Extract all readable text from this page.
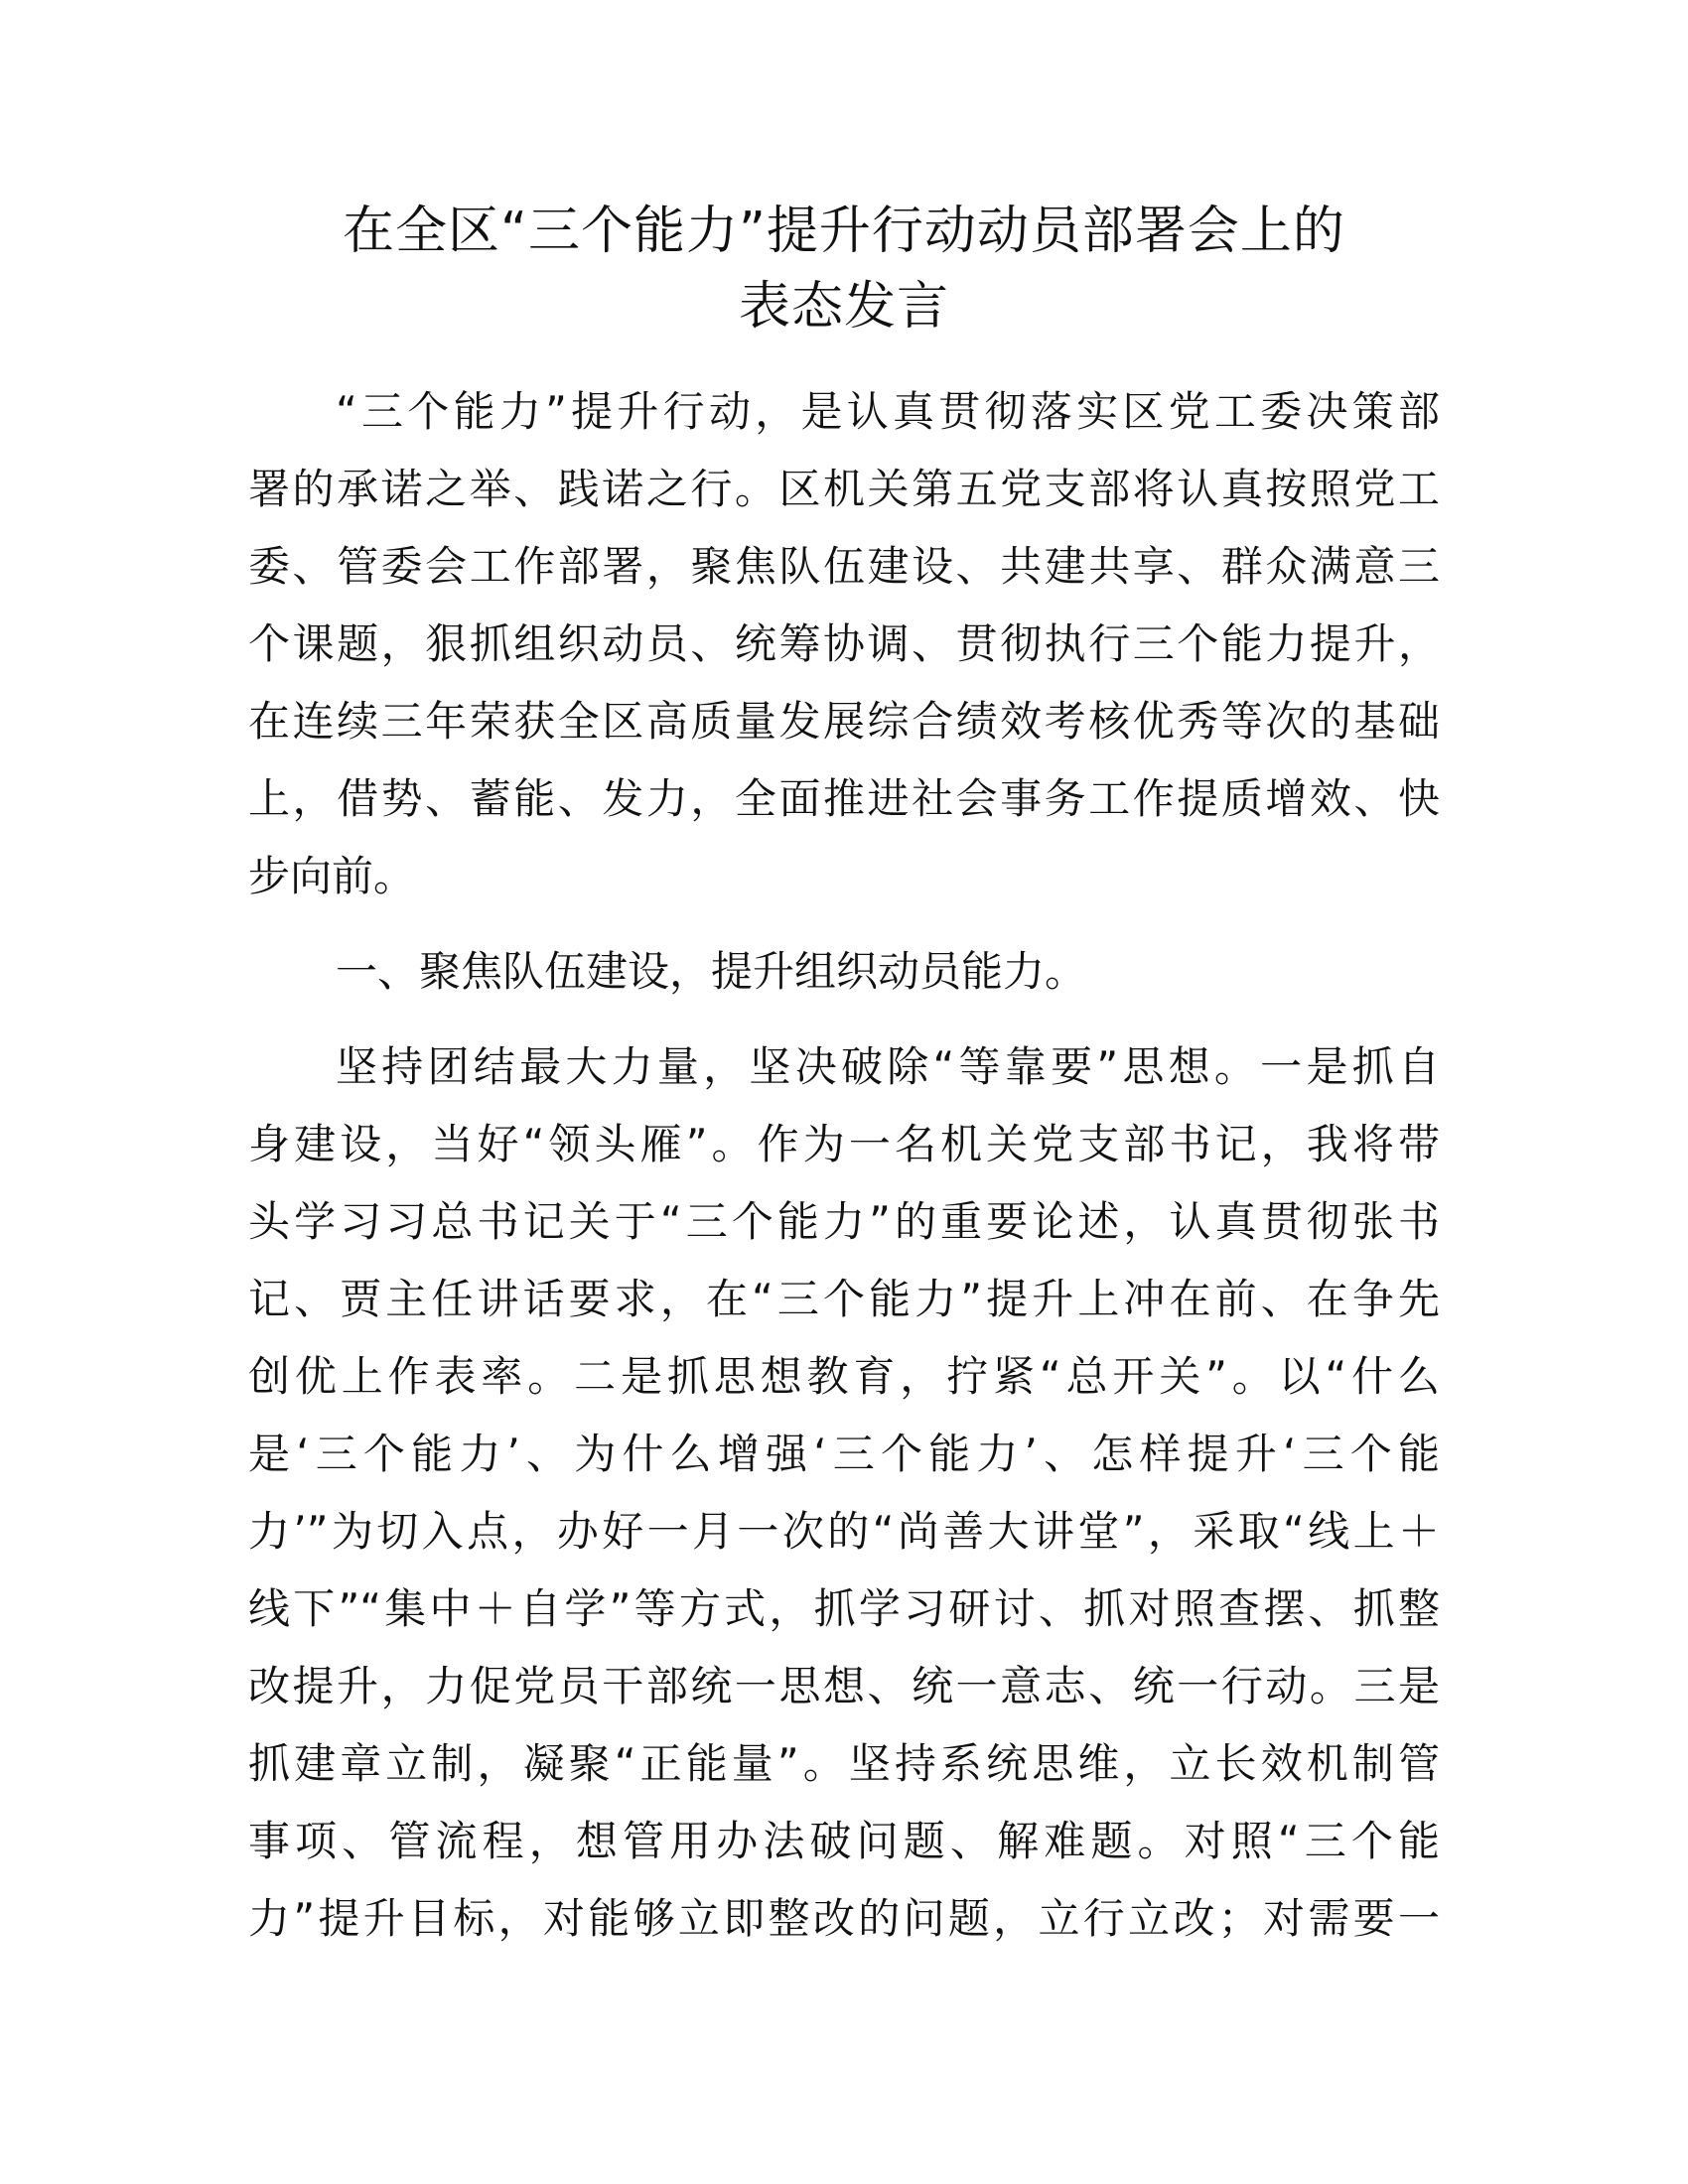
在全区“三个能力”提升行动动员部署会上的
表态发言

“三个能力”提升行动，是认真贯彻落实区党工委决策部
署的承诺之举、践诺之行。区机关第五党支部将认真按照党工
委、管委会工作部署，聚焦队伍建设、共建共享、群众满意三
个课题，狠抓组织动员、统筹协调、贯彻执行三个能力提升，
在连续三年荣获全区高质量发展综合绩效考核优秀等次的基础
上，借势、蓄能、发力，全面推进社会事务工作提质增效、快
步向前。

一、聚焦队伍建设，提升组织动员能力。

坚持团结最大力量，坚决破除“等靠要”思想。一是抓自
身建设，当好“领头雁”。作为一名机关党支部书记，我将带
头学习习总书记关于“三个能力”的重要论述，认真贯彻张书
记、贾主任讲话要求，在“三个能力”提升上冲在前、在争先
创优上作表率。二是抓思想教育，拧紧“总开关”。以“什么
是‘三个能力’、为什么增强‘三个能力’、怎样提升‘三个能
力’”为切入点，办好一月一次的“尚善大讲堂”，采取“线上＋
线下”“集中＋自学”等方式，抓学习研讨、抓对照查摆、抓整
改提升，力促党员干部统一思想、统一意志、统一行动。三是
抓建章立制，凝聚“正能量”。坚持系统思维，立长效机制管
事项、管流程，想管用办法破问题、解难题。对照“三个能
力”提升目标，对能够立即整改的问题，立行立改；对需要一
